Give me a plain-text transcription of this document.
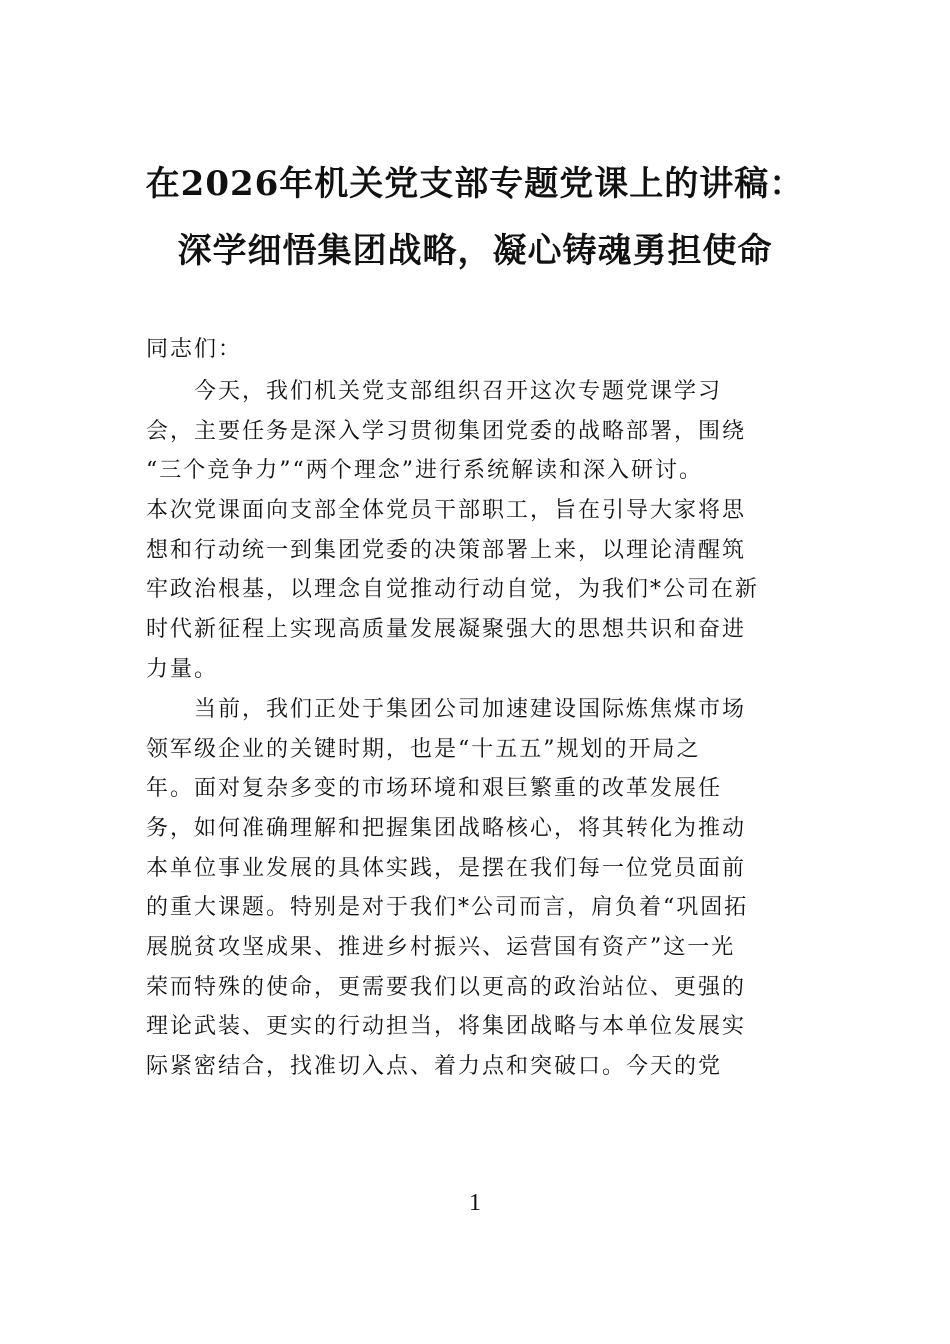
在2026年机关党支部专题党课上的讲稿：
深学细悟集团战略，凝心铸魂勇担使命
同志们：
　　今天，我们机关党支部组织召开这次专题党课学习
会，主要任务是深入学习贯彻集团党委的战略部署，围绕
“三个竞争力”“两个理念”进行系统解读和深入研讨。
本次党课面向支部全体党员干部职工，旨在引导大家将思
想和行动统一到集团党委的决策部署上来，以理论清醒筑
牢政治根基，以理念自觉推动行动自觉，为我们*公司在新
时代新征程上实现高质量发展凝聚强大的思想共识和奋进
力量。
　　当前，我们正处于集团公司加速建设国际炼焦煤市场
领军级企业的关键时期，也是“十五五”规划的开局之
年。面对复杂多变的市场环境和艰巨繁重的改革发展任
务，如何准确理解和把握集团战略核心，将其转化为推动
本单位事业发展的具体实践，是摆在我们每一位党员面前
的重大课题。特别是对于我们*公司而言，肩负着“巩固拓
展脱贫攻坚成果、推进乡村振兴、运营国有资产”这一光
荣而特殊的使命，更需要我们以更高的政治站位、更强的
理论武装、更实的行动担当，将集团战略与本单位发展实
际紧密结合，找准切入点、着力点和突破口。今天的党
1
